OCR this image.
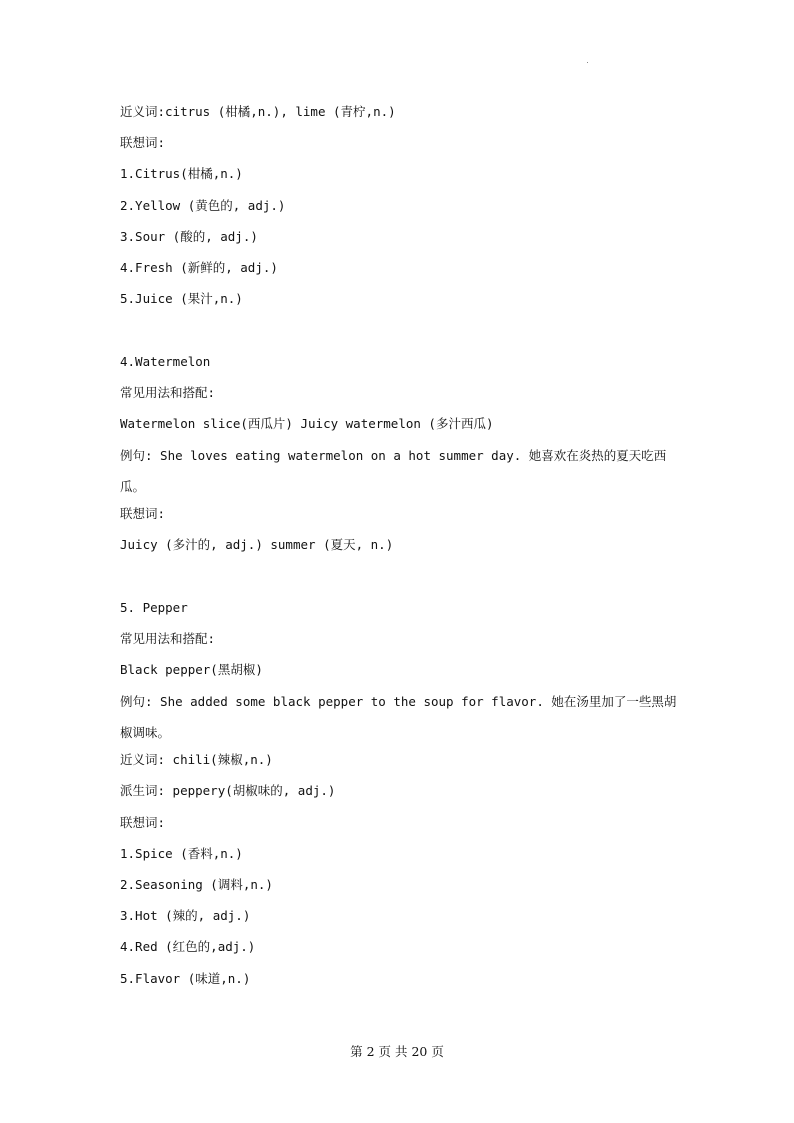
近义词:citrus (柑橘,n.), lime (青柠,n.)
联想词:
1.Citrus(柑橘,n.)
2.Yellow (黄色的, adj.)
3.Sour (酸的, adj.)
4.Fresh (新鲜的, adj.)
5.Juice (果汁,n.)
4.Watermelon
常见用法和搭配:
Watermelon slice(西瓜片) Juicy watermelon (多汁西瓜)
例句: She loves eating watermelon on a hot summer day. 她喜欢在炎热的夏天吃西瓜。
联想词:
Juicy (多汁的, adj.) summer (夏天, n.)
5. Pepper
常见用法和搭配:
Black pepper(黑胡椒)
例句: She added some black pepper to the soup for flavor. 她在汤里加了一些黑胡椒调味。
近义词: chili(辣椒,n.)
派生词: peppery(胡椒味的, adj.)
联想词:
1.Spice (香料,n.)
2.Seasoning (调料,n.)
3.Hot (辣的, adj.)
4.Red (红色的,adj.)
5.Flavor (味道,n.)
第 2 页 共 20 页
